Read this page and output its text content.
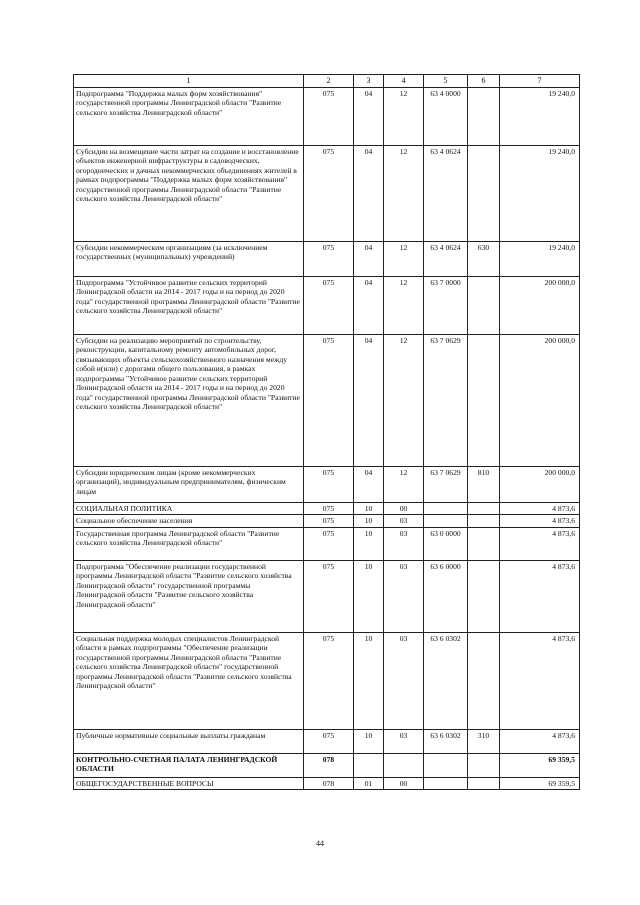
1	2	3	4	5	6	7
Подпрограмма "Поддержка малых форм хозяйствования" государственной программы Ленинградской области "Развитие сельского хозяйства Ленинградской области"	075	04	12	63 4 0000		19 240,0
Субсидии на возмещение части затрат на создание и восстановление объектов инженерной инфраструктуры в садоводческих, огороднических и дачных некоммерческих объединениях жителей в рамках подпрограммы "Поддержка малых форм хозяйствования" государственной программы Ленинградской области "Развитие сельского хозяйства Ленинградской области"	075	04	12	63 4 0624		19 240,0
Субсидии некоммерческим организациям (за исключением государственных (муниципальных) учреждений)	075	04	12	63 4 0624	630	19 240,0
Подпрограмма "Устойчивое развитие сельских территорий Ленинградской области на 2014 - 2017 годы и на период до 2020 года" государственной программы Ленинградской области "Развитие сельского хозяйства Ленинградской области"	075	04	12	63 7 0000		200 000,0
Субсидии на реализацию мероприятий по строительству, реконструкции, капитальному ремонту автомобильных дорог, связывающих объекты сельскохозяйственного назначения между собой и(или) с дорогами общего пользования, в рамках подпрограммы "Устойчивое развитие сельских территорий Ленинградской области на 2014 - 2017 годы и на период до 2020 года" государственной программы Ленинградской области "Развитие сельского хозяйства Ленинградской области"	075	04	12	63 7 0629		200 000,0
Субсидии юридическим лицам (кроме некоммерческих организаций), индивидуальным предпринимателям, физическим лицам	075	04	12	63 7 0629	810	200 000,0
СОЦИАЛЬНАЯ ПОЛИТИКА	075	10	00			4 873,6
Социальное обеспечение населения	075	10	03			4 873,6
Государственная программа Ленинградской области "Развитие сельского хозяйства Ленинградской области"	075	10	03	63 0 0000		4 873,6
Подпрограмма "Обеспечение реализации государственной программы Ленинградской области "Развитие сельского хозяйства Ленинградской области" государственной программы Ленинградской области "Развитие сельского хозяйства Ленинградской области"	075	10	03	63 6 0000		4 873,6
Социальная поддержка молодых специалистов Ленинградской области в рамках подпрограммы "Обеспечение реализации государственной программы Ленинградской области "Развитие сельского хозяйства Ленинградской области" государственной программы Ленинградской области "Развитие сельского хозяйства Ленинградской области"	075	10	03	63 6 0302		4 873,6
Публичные нормативные социальные выплаты гражданам	075	10	03	63 6 0302	310	4 873,6
КОНТРОЛЬНО-СЧЕТНАЯ ПАЛАТА ЛЕНИНГРАДСКОЙ ОБЛАСТИ	078					69 359,5
ОБЩЕГОСУДАРСТВЕННЫЕ ВОПРОСЫ	078	01	00			69 359,5
44
